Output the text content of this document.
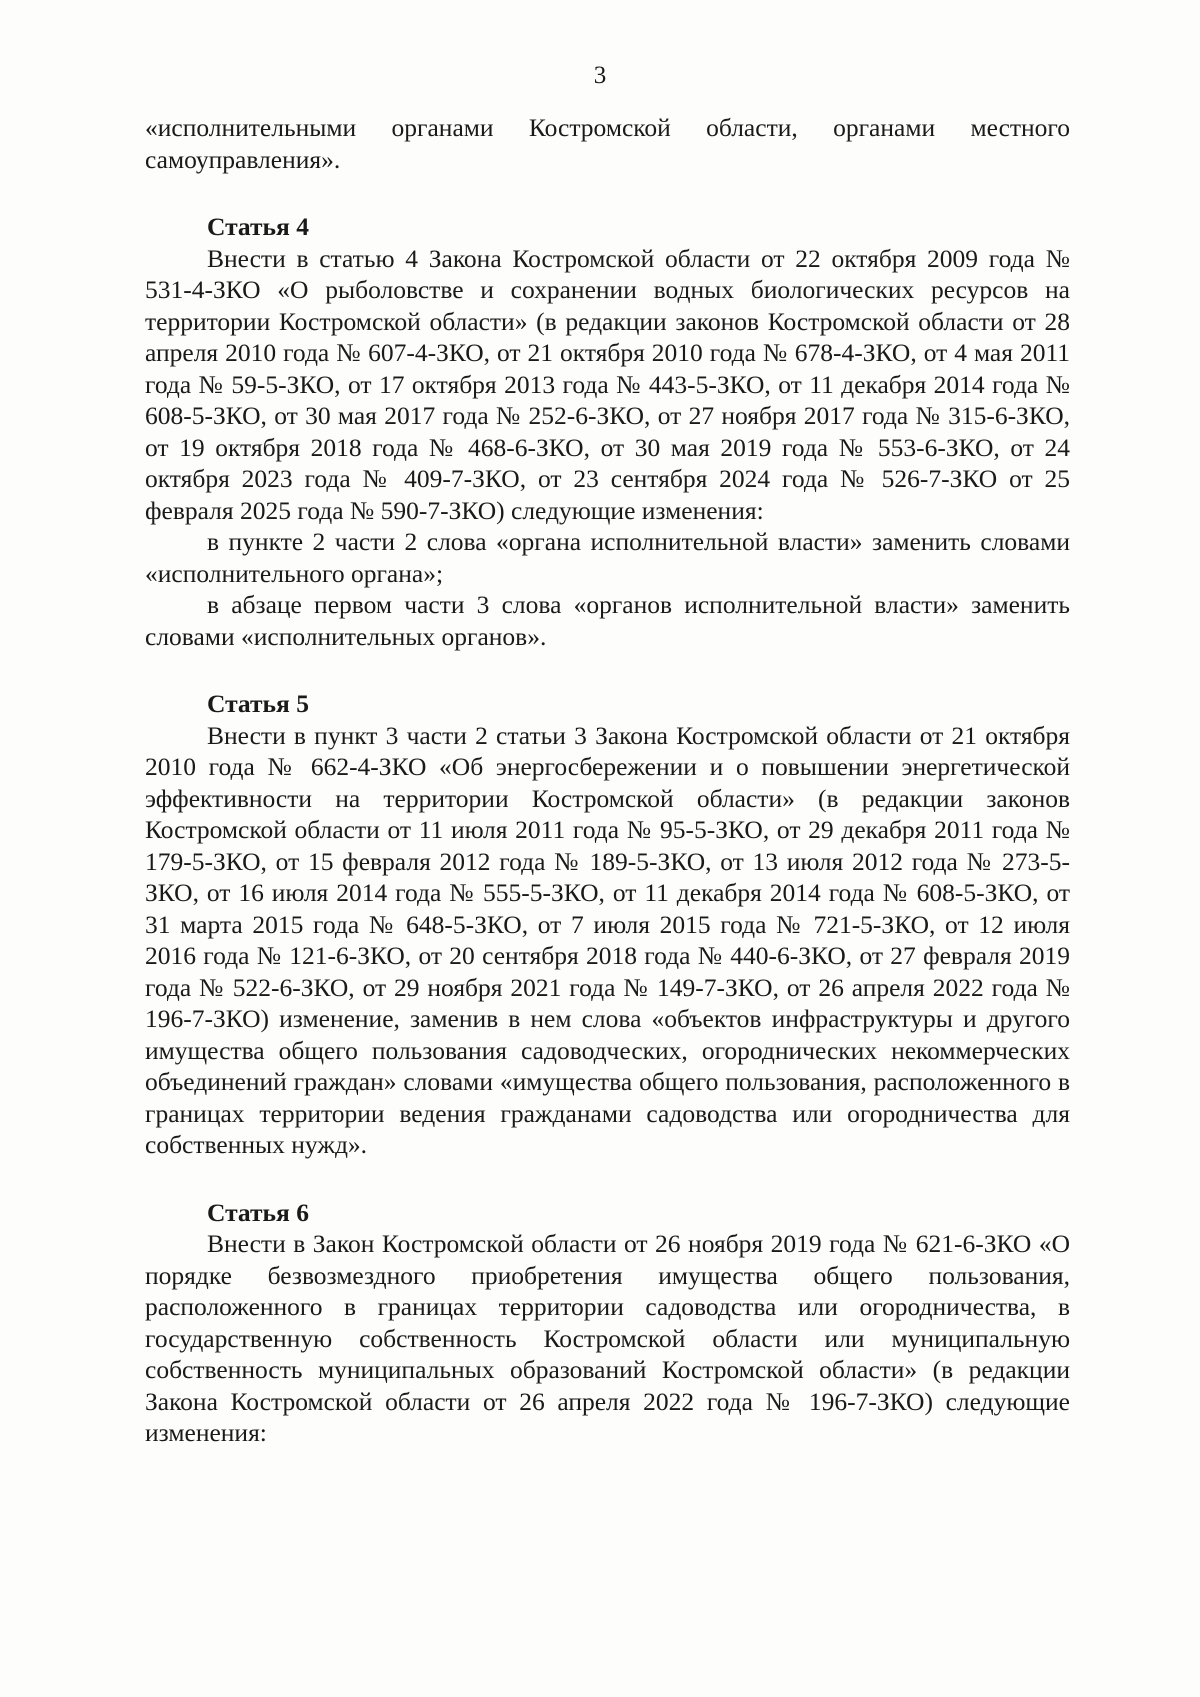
3

«исполнительными органами Костромской области, органами местного самоуправления».

Статья 4

Внести в статью 4 Закона Костромской области от 22 октября 2009 года № 531-4-ЗКО «О рыболовстве и сохранении водных биологических ресурсов на территории Костромской области» (в редакции законов Костромской области от 28 апреля 2010 года № 607-4-ЗКО, от 21 октября 2010 года № 678-4-ЗКО, от 4 мая 2011 года № 59-5-ЗКО, от 17 октября 2013 года № 443-5-ЗКО, от 11 декабря 2014 года № 608-5-ЗКО, от 30 мая 2017 года № 252-6-ЗКО, от 27 ноября 2017 года № 315-6-ЗКО, от 19 октября 2018 года № 468-6-ЗКО, от 30 мая 2019 года № 553-6-ЗКО, от 24 октября 2023 года № 409-7-ЗКО, от 23 сентября 2024 года № 526-7-ЗКО от 25 февраля 2025 года № 590-7-ЗКО) следующие изменения:

в пункте 2 части 2 слова «органа исполнительной власти» заменить словами «исполнительного органа»;

в абзаце первом части 3 слова «органов исполнительной власти» заменить словами «исполнительных органов».

Статья 5

Внести в пункт 3 части 2 статьи 3 Закона Костромской области от 21 октября 2010 года № 662-4-ЗКО «Об энергосбережении и о повышении энергетической эффективности на территории Костромской области» (в редакции законов Костромской области от 11 июля 2011 года № 95-5-ЗКО, от 29 декабря 2011 года № 179-5-ЗКО, от 15 февраля 2012 года № 189-5-ЗКО, от 13 июля 2012 года № 273-5-ЗКО, от 16 июля 2014 года № 555-5-ЗКО, от 11 декабря 2014 года № 608-5-ЗКО, от 31 марта 2015 года № 648-5-ЗКО, от 7 июля 2015 года № 721-5-ЗКО, от 12 июля 2016 года № 121-6-ЗКО, от 20 сентября 2018 года № 440-6-ЗКО, от 27 февраля 2019 года № 522-6-ЗКО, от 29 ноября 2021 года № 149-7-ЗКО, от 26 апреля 2022 года № 196-7-ЗКО) изменение, заменив в нем слова «объектов инфраструктуры и другого имущества общего пользования садоводческих, огороднических некоммерческих объединений граждан» словами «имущества общего пользования, расположенного в границах территории ведения гражданами садоводства или огородничества для собственных нужд».

Статья 6

Внести в Закон Костромской области от 26 ноября 2019 года № 621-6-ЗКО «О порядке безвозмездного приобретения имущества общего пользования, расположенного в границах территории садоводства или огородничества, в государственную собственность Костромской области или муниципальную собственность муниципальных образований Костромской области» (в редакции Закона Костромской области от 26 апреля 2022 года № 196-7-ЗКО) следующие изменения:
